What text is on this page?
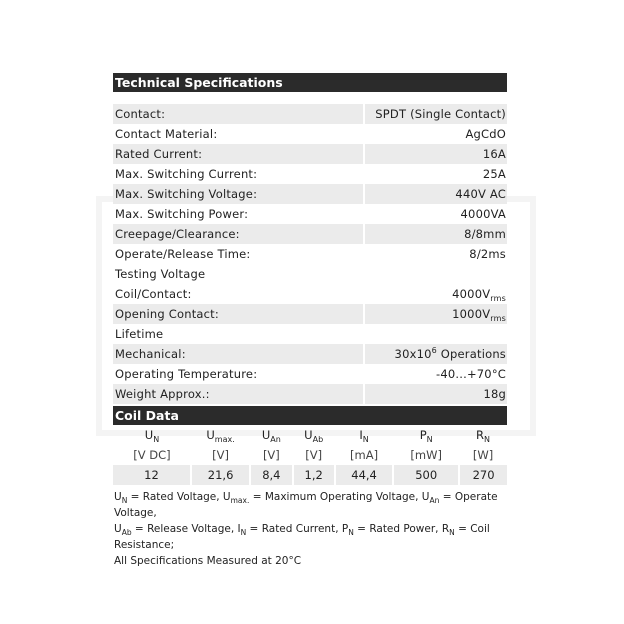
Technical Specifications
Contact:	SPDT (Single Contact)
Contact Material:	AgCdO
Rated Current:	16A
Max. Switching Current:	25A
Max. Switching Voltage:	440V AC
Max. Switching Power:	4000VA
Creepage/Clearance:	8/8mm
Operate/Release Time:	8/2ms
Testing Voltage
Coil/Contact:	$4000V_{rms}$
Opening Contact:	$1000V_{rms}$
Lifetime
Mechanical:	$30x10^6$ Operations
Operating Temperature:	-40...+70°C
Weight Approx.:	18g
Coil Data
$U_N$	$U_{max.}$	$U_{An}$	$U_{Ab}$	$I_N$	$P_N$	$R_N$
[V DC]	[V]	[V]	[V]	[mA]	[mW]	[W]
12	21,6	8,4	1,2	44,4	500	270
$U_N$ = Rated Voltage, $U_{max.}$ = Maximum Operating Voltage, $U_{An}$ = Operate Voltage,
$U_{Ab}$ = Release Voltage, $I_N$ = Rated Current, $P_N$ = Rated Power, $R_N$ = Coil Resistance;
All Specifications Measured at 20°C
